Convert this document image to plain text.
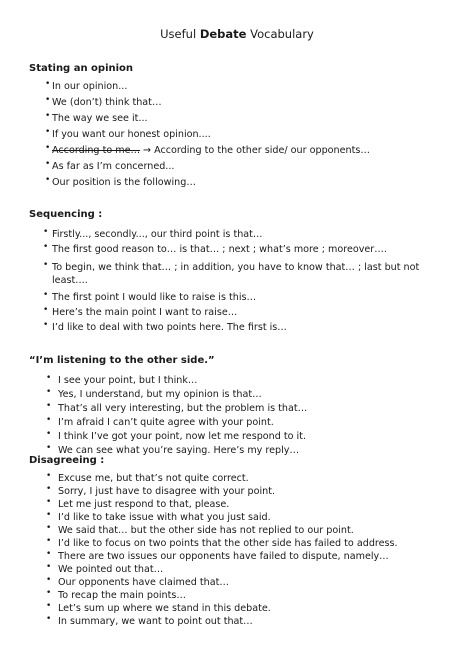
Useful Debate Vocabulary
Stating an opinion
• In our opinion...
• We (don’t) think that…
• The way we see it...
• If you want our honest opinion....
• According to me… → According to the other side/ our opponents…
• As far as I’m concerned...
• Our position is the following…
Sequencing :
• Firstly..., secondly..., our third point is that…
• The first good reason to… is that… ; next ; what’s more ; moreover….
• To begin, we think that… ; in addition, you have to know that… ; last but not least….
• The first point I would like to raise is this…
• Here’s the main point I want to raise…
• I’d like to deal with two points here. The first is…
“I’m listening to the other side.”
• I see your point, but I think…
• Yes, I understand, but my opinion is that…
• That’s all very interesting, but the problem is that…
• I’m afraid I can’t quite agree with your point.
• I think I’ve got your point, now let me respond to it.
• We can see what you’re saying. Here’s my reply…
Disagreeing :
• Excuse me, but that’s not quite correct.
• Sorry, I just have to disagree with your point.
• Let me just respond to that, please.
• I’d like to take issue with what you just said.
• We said that… but the other side has not replied to our point.
• I’d like to focus on two points that the other side has failed to address.
• There are two issues our opponents have failed to dispute, namely…
• We pointed out that…
• Our opponents have claimed that…
• To recap the main points…
• Let’s sum up where we stand in this debate.
• In summary, we want to point out that…
